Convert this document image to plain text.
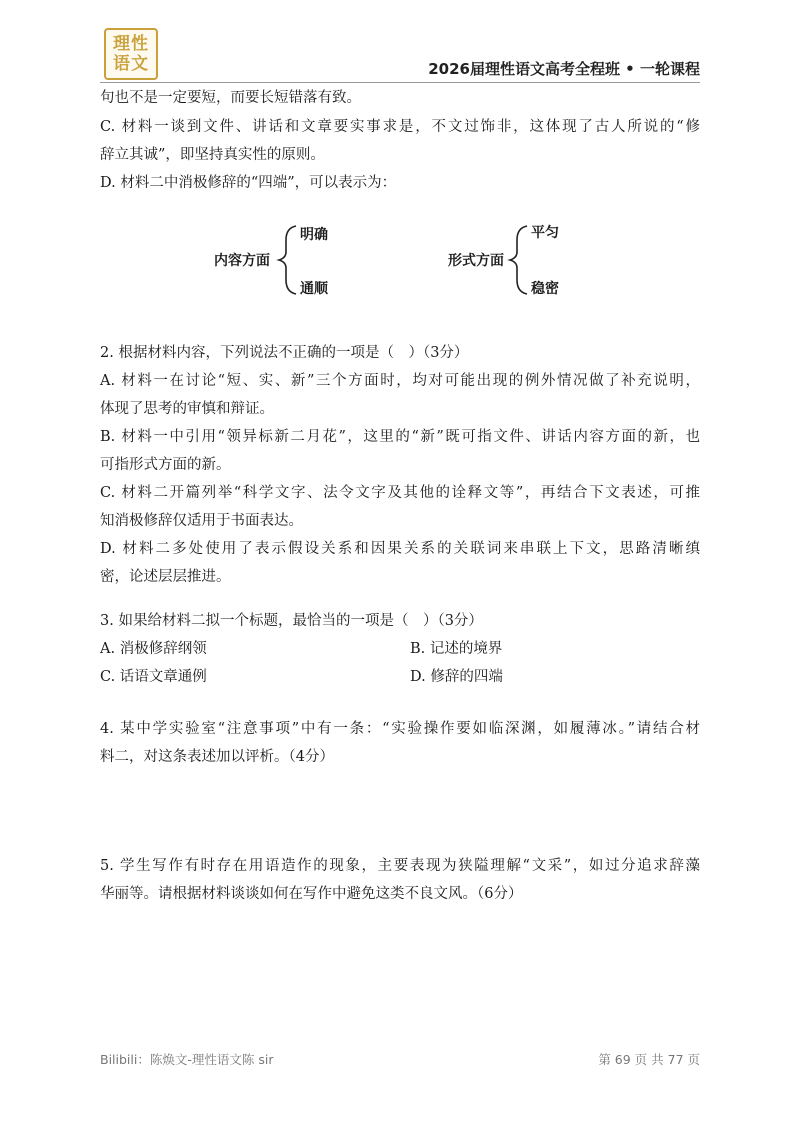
理性
语文	2026届理性语文高考全程班 • 一轮课程
句也不是一定要短，而要长短错落有致。
C. 材料一谈到文件、讲话和文章要实事求是，不文过饰非，这体现了古人所说的“修
辞立其诚”，即坚持真实性的原则。
D. 材料二中消极修辞的“四端”，可以表示为：
内容方面
明确
通顺
形式方面
平匀
稳密
2. 根据材料内容，下列说法不正确的一项是（　）（3分）
A. 材料一在讨论“短、实、新”三个方面时，均对可能出现的例外情况做了补充说明，
体现了思考的审慎和辩证。
B. 材料一中引用“领异标新二月花”，这里的“新”既可指文件、讲话内容方面的新，也
可指形式方面的新。
C. 材料二开篇列举“科学文字、法令文字及其他的诠释文等”，再结合下文表述，可推
知消极修辞仅适用于书面表达。
D. 材料二多处使用了表示假设关系和因果关系的关联词来串联上下文，思路清晰缜
密，论述层层推进。
3. 如果给材料二拟一个标题，最恰当的一项是（　）（3分）
A. 消极修辞纲领	B. 记述的境界
C. 话语文章通例	D. 修辞的四端
4. 某中学实验室“注意事项”中有一条：“实验操作要如临深渊，如履薄冰。”请结合材
料二，对这条表述加以评析。（4分）
5. 学生写作有时存在用语造作的现象，主要表现为狭隘理解“文采”，如过分追求辞藻
华丽等。请根据材料谈谈如何在写作中避免这类不良文风。（6分）
Bilibili：陈焕文-理性语文陈 sir	第 69 页 共 77 页
